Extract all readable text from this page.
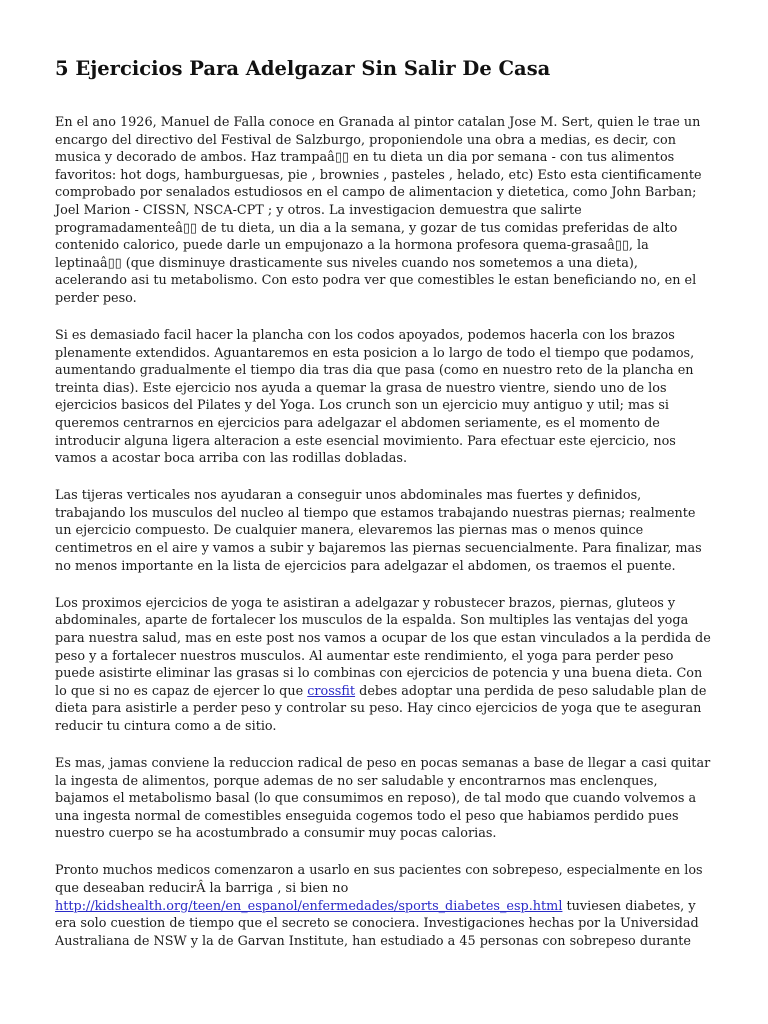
5 Ejercicios Para Adelgazar Sin Salir De Casa

En el ano 1926, Manuel de Falla conoce en Granada al pintor catalan Jose M. Sert, quien le trae un
encargo del directivo del Festival de Salzburgo, proponiendole una obra a medias, es decir, con
musica y decorado de ambos. Haz trampaâ▯▯ en tu dieta un dia por semana - con tus alimentos
favoritos: hot dogs, hamburguesas, pie , brownies , pasteles , helado, etc) Esto esta cientificamente
comprobado por senalados estudiosos en el campo de alimentacion y dietetica, como John Barban;
Joel Marion - CISSN, NSCA-CPT ; y otros. La investigacion demuestra que salirte
programadamenteâ▯▯ de tu dieta, un dia a la semana, y gozar de tus comidas preferidas de alto
contenido calorico, puede darle un empujonazo a la hormona profesora quema-grasaâ▯▯, la
leptinaâ▯▯ (que disminuye drasticamente sus niveles cuando nos sometemos a una dieta),
acelerando asi tu metabolismo. Con esto podra ver que comestibles le estan beneficiando no, en el
perder peso.

Si es demasiado facil hacer la plancha con los codos apoyados, podemos hacerla con los brazos
plenamente extendidos. Aguantaremos en esta posicion a lo largo de todo el tiempo que podamos,
aumentando gradualmente el tiempo dia tras dia que pasa (como en nuestro reto de la plancha en
treinta dias). Este ejercicio nos ayuda a quemar la grasa de nuestro vientre, siendo uno de los
ejercicios basicos del Pilates y del Yoga. Los crunch son un ejercicio muy antiguo y util; mas si
queremos centrarnos en ejercicios para adelgazar el abdomen seriamente, es el momento de
introducir alguna ligera alteracion a este esencial movimiento. Para efectuar este ejercicio, nos
vamos a acostar boca arriba con las rodillas dobladas.

Las tijeras verticales nos ayudaran a conseguir unos abdominales mas fuertes y definidos,
trabajando los musculos del nucleo al tiempo que estamos trabajando nuestras piernas; realmente
un ejercicio compuesto. De cualquier manera, elevaremos las piernas mas o menos quince
centimetros en el aire y vamos a subir y bajaremos las piernas secuencialmente. Para finalizar, mas
no menos importante en la lista de ejercicios para adelgazar el abdomen, os traemos el puente.

Los proximos ejercicios de yoga te asistiran a adelgazar y robustecer brazos, piernas, gluteos y
abdominales, aparte de fortalecer los musculos de la espalda. Son multiples las ventajas del yoga
para nuestra salud, mas en este post nos vamos a ocupar de los que estan vinculados a la perdida de
peso y a fortalecer nuestros musculos. Al aumentar este rendimiento, el yoga para perder peso
puede asistirte eliminar las grasas si lo combinas con ejercicios de potencia y una buena dieta. Con
lo que si no es capaz de ejercer lo que crossfit debes adoptar una perdida de peso saludable plan de
dieta para asistirle a perder peso y controlar su peso. Hay cinco ejercicios de yoga que te aseguran
reducir tu cintura como a de sitio.

Es mas, jamas conviene la reduccion radical de peso en pocas semanas a base de llegar a casi quitar
la ingesta de alimentos, porque ademas de no ser saludable y encontrarnos mas enclenques,
bajamos el metabolismo basal (lo que consumimos en reposo), de tal modo que cuando volvemos a
una ingesta normal de comestibles enseguida cogemos todo el peso que habiamos perdido pues
nuestro cuerpo se ha acostumbrado a consumir muy pocas calorias.

Pronto muchos medicos comenzaron a usarlo en sus pacientes con sobrepeso, especialmente en los
que deseaban reducirÂ la barriga , si bien no
http://kidshealth.org/teen/en_espanol/enfermedades/sports_diabetes_esp.html tuviesen diabetes, y
era solo cuestion de tiempo que el secreto se conociera. Investigaciones hechas por la Universidad
Australiana de NSW y la de Garvan Institute, han estudiado a 45 personas con sobrepeso durante
